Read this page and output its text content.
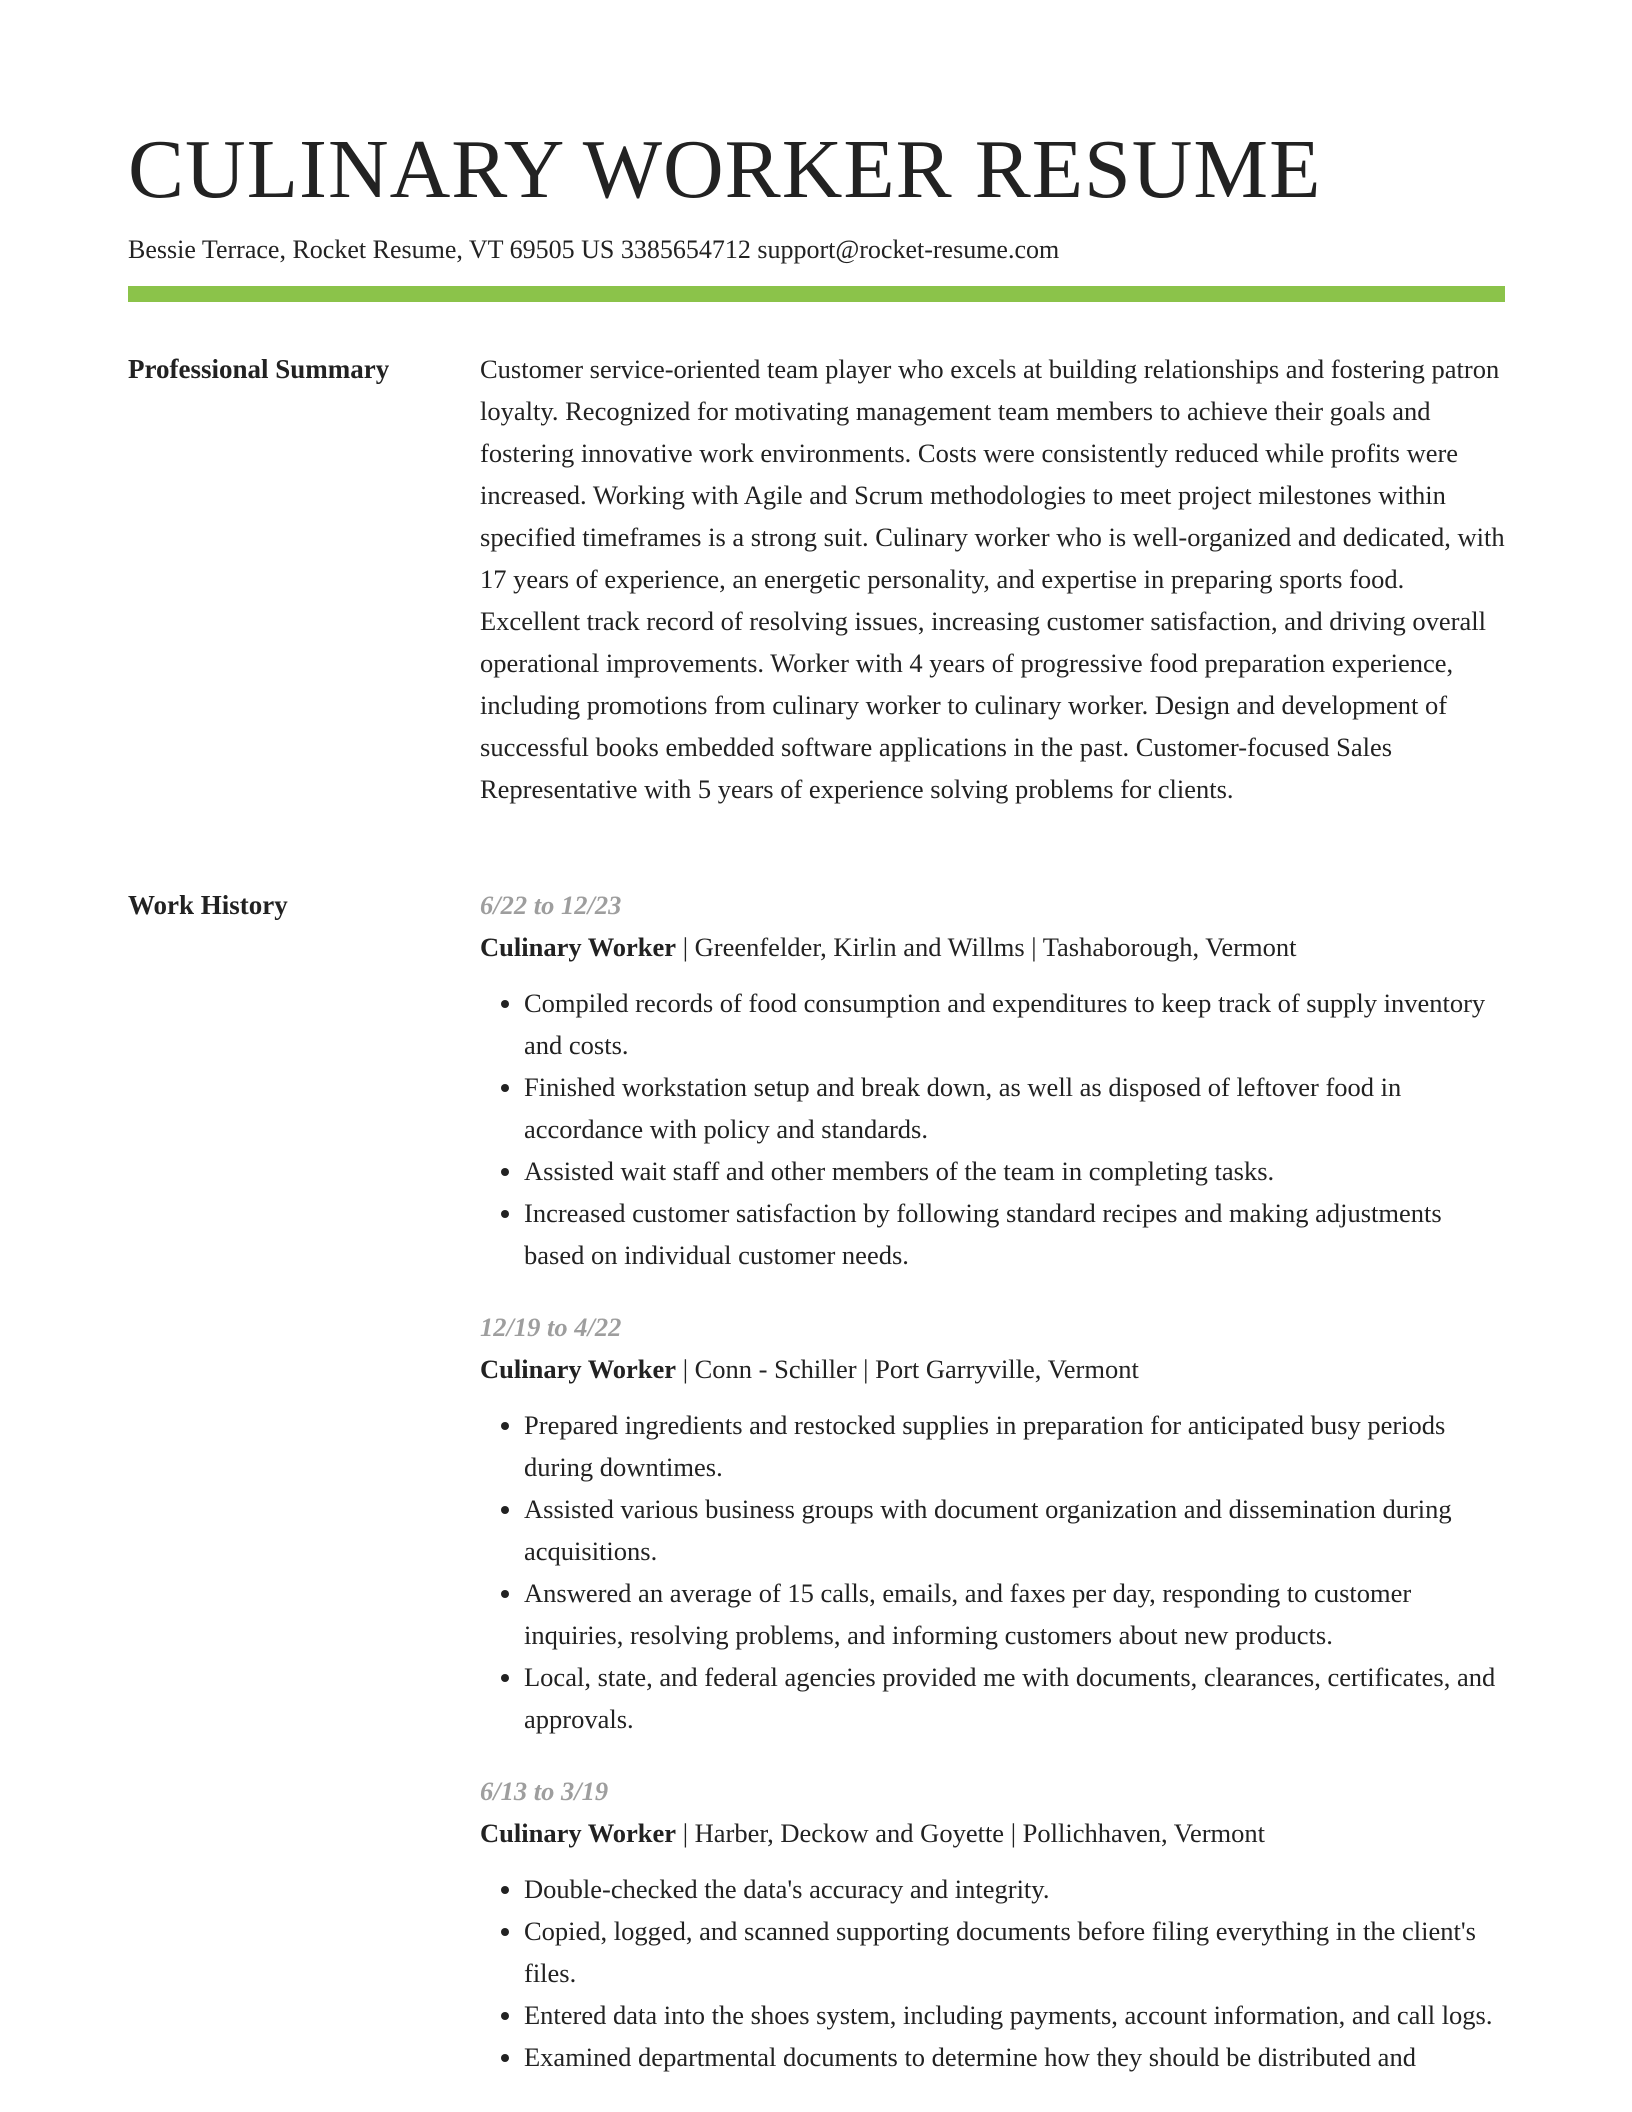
CULINARY WORKER RESUME
Bessie Terrace, Rocket Resume, VT 69505 US 3385654712 support@rocket-resume.com
Professional Summary	Customer service-oriented team player who excels at building relationships and fostering patron loyalty. Recognized for motivating management team members to achieve their goals and fostering innovative work environments. Costs were consistently reduced while profits were increased. Working with Agile and Scrum methodologies to meet project milestones within specified timeframes is a strong suit. Culinary worker who is well-organized and dedicated, with 17 years of experience, an energetic personality, and expertise in preparing sports food. Excellent track record of resolving issues, increasing customer satisfaction, and driving overall operational improvements. Worker with 4 years of progressive food preparation experience, including promotions from culinary worker to culinary worker. Design and development of successful books embedded software applications in the past. Customer-focused Sales Representative with 5 years of experience solving problems for clients.

Work History	6/22 to 12/23
Culinary Worker | Greenfelder, Kirlin and Willms | Tashaborough, Vermont
• Compiled records of food consumption and expenditures to keep track of supply inventory and costs.
• Finished workstation setup and break down, as well as disposed of leftover food in accordance with policy and standards.
• Assisted wait staff and other members of the team in completing tasks.
• Increased customer satisfaction by following standard recipes and making adjustments based on individual customer needs.
12/19 to 4/22
Culinary Worker | Conn - Schiller | Port Garryville, Vermont
• Prepared ingredients and restocked supplies in preparation for anticipated busy periods during downtimes.
• Assisted various business groups with document organization and dissemination during acquisitions.
• Answered an average of 15 calls, emails, and faxes per day, responding to customer inquiries, resolving problems, and informing customers about new products.
• Local, state, and federal agencies provided me with documents, clearances, certificates, and approvals.
6/13 to 3/19
Culinary Worker | Harber, Deckow and Goyette | Pollichhaven, Vermont
• Double-checked the data's accuracy and integrity.
• Copied, logged, and scanned supporting documents before filing everything in the client's files.
• Entered data into the shoes system, including payments, account information, and call logs.
• Examined departmental documents to determine how they should be distributed and
